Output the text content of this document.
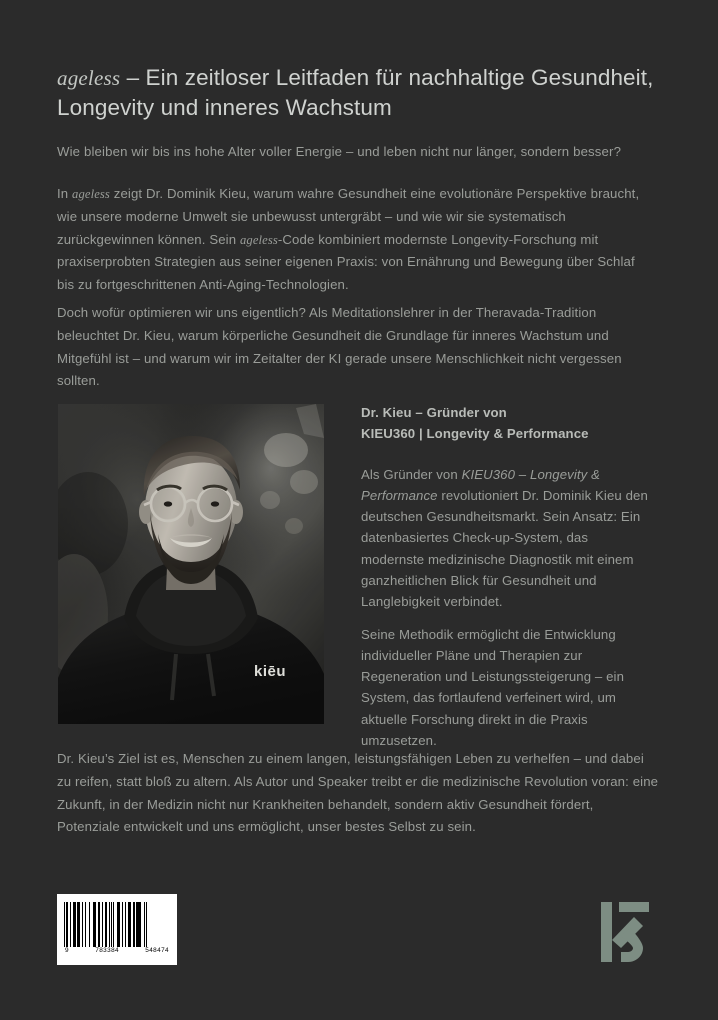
ageless – Ein zeitloser Leitfaden für nachhaltige Gesundheit, Longevity und inneres Wachstum
Wie bleiben wir bis ins hohe Alter voller Energie – und leben nicht nur länger, sondern besser?
In ageless zeigt Dr. Dominik Kieu, warum wahre Gesundheit eine evolutionäre Perspektive braucht, wie unsere moderne Umwelt sie unbewusst untergräbt – und wie wir sie systematisch zurückgewinnen können. Sein ageless-Code kombiniert modernste Longevity-Forschung mit praxiserprobten Strategien aus seiner eigenen Praxis: von Ernährung und Bewegung über Schlaf bis zu fortgeschrittenen Anti-Aging-Technologien.
Doch wofür optimieren wir uns eigentlich? Als Meditationslehrer in der Theravada-Tradition beleuchtet Dr. Kieu, warum körperliche Gesundheit die Grundlage für inneres Wachstum und Mitgefühl ist – und warum wir im Zeitalter der KI gerade unsere Menschlichkeit nicht vergessen sollten.
kiēu
Dr. Kieu – Gründer von
KIEU360 | Longevity & Performance
Als Gründer von KIEU360 – Longevity & Performance revolutioniert Dr. Dominik Kieu den deutschen Gesundheitsmarkt. Sein Ansatz: Ein datenbasiertes Check-up-System, das modernste medizinische Diagnostik mit einem ganzheitlichen Blick für Gesundheit und Langlebigkeit verbindet.
Seine Methodik ermöglicht die Entwicklung individueller Pläne und Therapien zur Regeneration und Leistungssteigerung – ein System, das fortlaufend verfeinert wird, um aktuelle Forschung direkt in die Praxis umzusetzen.
Dr. Kieu’s Ziel ist es, Menschen zu einem langen, leistungsfähigen Leben zu verhelfen – und dabei zu reifen, statt bloß zu altern. Als Autor und Speaker treibt er die medizinische Revolution voran: eine Zukunft, in der Medizin nicht nur Krankheiten behandelt, sondern aktiv Gesundheit fördert, Potenziale entwickelt und uns ermöglicht, unser bestes Selbst zu sein.
9	783384	548474
